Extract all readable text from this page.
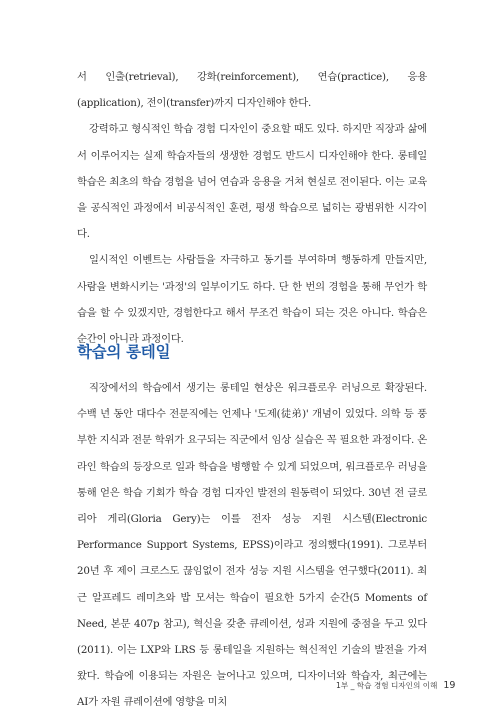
서 인출(retrieval), 강화(reinforcement), 연습(practice), 응용(application), 전이(transfer)까지 디자인해야 한다.

강력하고 형식적인 학습 경험 디자인이 중요할 때도 있다. 하지만 직장과 삶에서 이루어지는 실제 학습자들의 생생한 경험도 반드시 디자인해야 한다. 롱테일 학습은 최초의 학습 경험을 넘어 연습과 응용을 거쳐 현실로 전이된다. 이는 교육을 공식적인 과정에서 비공식적인 훈련, 평생 학습으로 넓히는 광범위한 시각이다.

일시적인 이벤트는 사람들을 자극하고 동기를 부여하며 행동하게 만들지만, 사람을 변화시키는 '과정'의 일부이기도 하다. 단 한 번의 경험을 통해 무언가 학습을 할 수 있겠지만, 경험한다고 해서 무조건 학습이 되는 것은 아니다. 학습은 순간이 아니라 과정이다.

학습의 롱테일

직장에서의 학습에서 생기는 롱테일 현상은 워크플로우 러닝으로 확장된다. 수백 년 동안 대다수 전문직에는 언제나 '도제(徒弟)' 개념이 있었다. 의학 등 풍부한 지식과 전문 학위가 요구되는 직군에서 임상 실습은 꼭 필요한 과정이다. 온라인 학습의 등장으로 일과 학습을 병행할 수 있게 되었으며, 워크플로우 러닝을 통해 얻은 학습 기회가 학습 경험 디자인 발전의 원동력이 되었다. 30년 전 글로리아 게리(Gloria Gery)는 이를 전자 성능 지원 시스템(Electronic Performance Support Systems, EPSS)이라고 정의했다(1991). 그로부터 20년 후 제이 크로스도 끊임없이 전자 성능 지원 시스템을 연구했다(2011). 최근 알프레드 레미츠와 밥 모셔는 학습이 필요한 5가지 순간(5 Moments of Need, 본문 407p 참고), 혁신을 갖춘 큐레이션, 성과 지원에 중점을 두고 있다(2011). 이는 LXP와 LRS 등 롱테일을 지원하는 혁신적인 기술의 발전을 가져왔다. 학습에 이용되는 자원은 늘어나고 있으며, 디자이너와 학습자, 최근에는 AI가 자원 큐레이션에 영향을 미치

1부 _ 학습 경험 디자인의 이해 19
